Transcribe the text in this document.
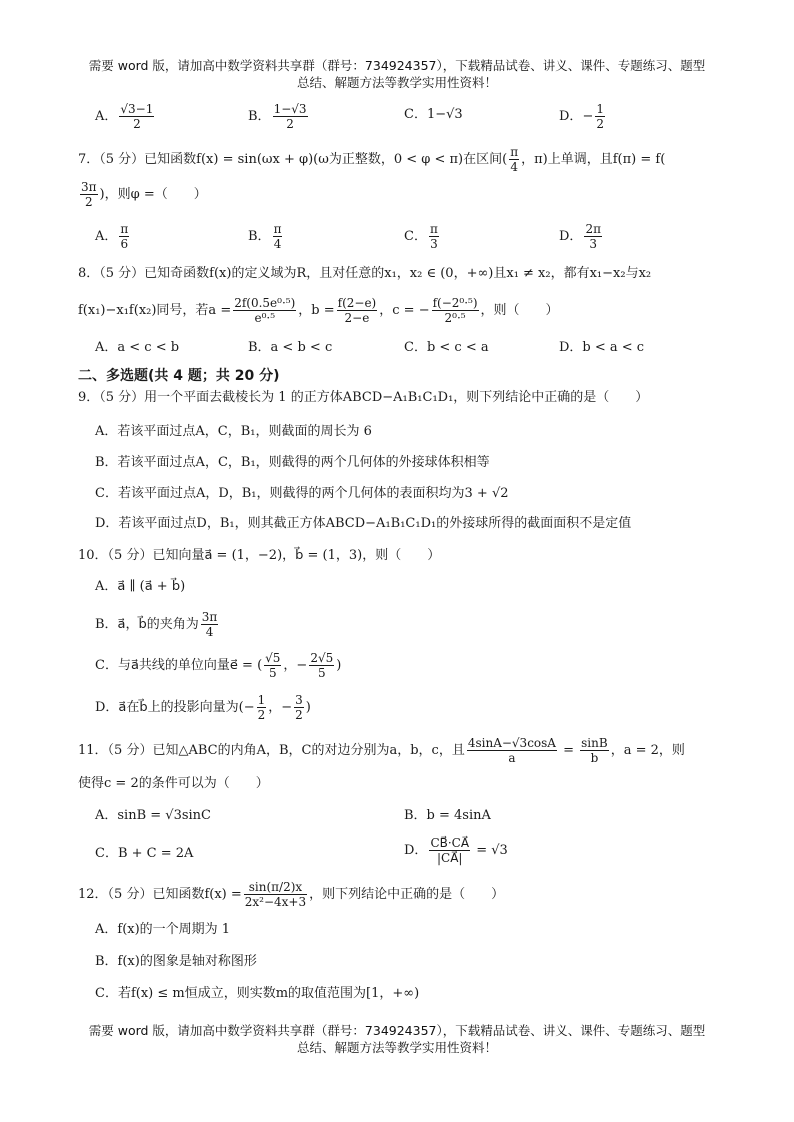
需要 word 版，请加高中数学资料共享群（群号：734924357），下载精品试卷、讲义、课件、专题练习、题型
总结、解题方法等教学实用性资料！
A． $\frac{√3-1}{2}$	B． $\frac{1-√3}{2}$	C．1−√3	D．− $\frac{1}{2}$
7．（5 分）已知函数f(x) = sin(ωx + φ)(ω为正整数，0 < φ < π)在区间( $\frac{\pi}{4}$ ，π)上单调，且f(π) = f(
$\frac{3\pi}{2}$ )，则φ =（　　）
A． $\frac{\pi}{6}$	B． $\frac{\pi}{4}$	C． $\frac{\pi}{3}$	D． $\frac{2\pi}{3}$
8．（5 分）已知奇函数f(x)的定义域为R，且对任意的x₁，x₂ ∈ (0，+∞)且x₁ ≠ x₂，都有x₁−x₂与x₂
f(x₁)−x₁f(x₂)同号，若$a = \frac{\text{2f(0.5e⁰·⁵)}}{\text{e⁰·⁵}}$ ，$b = \frac{f(2-e)}{2-e}$ ，c = − $\frac{\text{f(−2⁰·⁵)}}{\text{2⁰·⁵}}$ ，则（　　）
A．a < c < b	B．a < b < c	C．b < c < a	D．b < a < c
二、多选题(共 4 题；共 20 分)
9．（5 分）用一个平面去截棱长为 1 的正方体ABCD−A₁B₁C₁D₁，则下列结论中正确的是（　　）
A．若该平面过点A，C，B₁，则截面的周长为 6
B．若该平面过点A，C，B₁，则截得的两个几何体的外接球体积相等
C．若该平面过点A，D，B₁，则截得的两个几何体的表面积均为3 + √2
D．若该平面过点D，B₁，则其截正方体ABCD−A₁B₁C₁D₁的外接球所得的截面面积不是定值
10．（5 分）已知向量a⃗ = (1，−2)，b⃗ = (1，3)，则（　　）
A．a⃗ ∥ (a⃗ + b⃗)
B．a⃗，b⃗的夹角为 $\frac{3\pi}{4}$
C．与a⃗共线的单位向量e⃗ = ( $\frac{√5}{5}$ ，− $\frac{2√5}{5}$ )
D．a⃗在b⃗上的投影向量为(− $\frac{1}{2}$ ，− $\frac{3}{2}$ )
11．（5 分）已知△ABC的内角A，B，C的对边分别为a，b，c，且 $\frac{4\sin A-√3\cos A}{a} = \frac{\sin B}{b}$ ，a = 2，则
使得c = 2的条件可以为（　　）
A．sinB = √3sinC	B．b = 4sinA
C．B + C = 2A	D． $\frac{CB⃗\cdot CA⃗}{|CA⃗|} = √3$
12．（5 分）已知函数$f(x) = \frac{\sin(\pi/2)x}{\text{2x²−4x+3}}$ ，则下列结论中正确的是（　　）
A．f(x)的一个周期为 1
B．f(x)的图象是轴对称图形
C．若f(x) ≤ m恒成立，则实数m的取值范围为[1，+∞)
需要 word 版，请加高中数学资料共享群（群号：734924357），下载精品试卷、讲义、课件、专题练习、题型
总结、解题方法等教学实用性资料！
